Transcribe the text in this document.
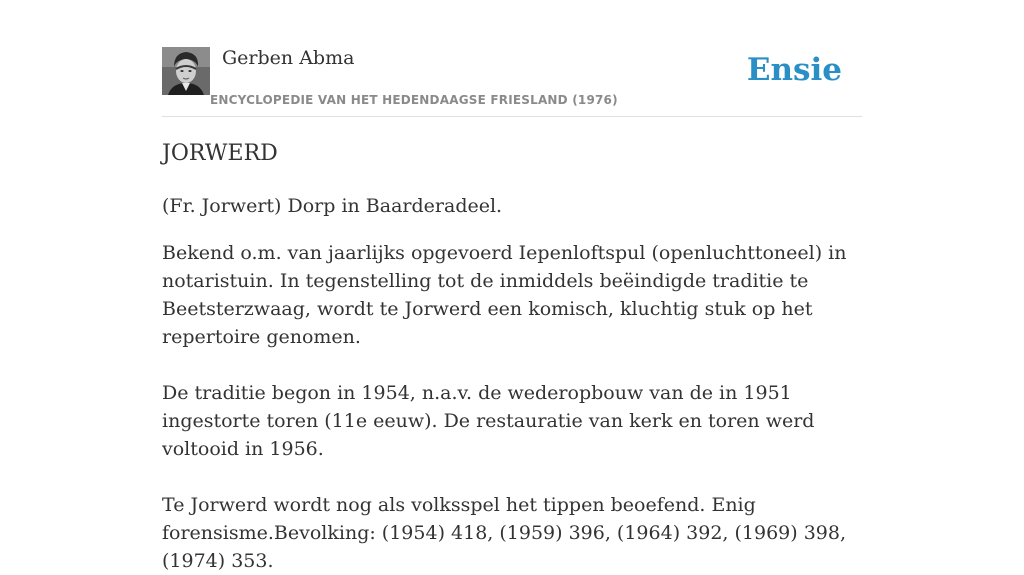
Gerben Abma
ENCYCLOPEDIE VAN HET HEDENDAAGSE FRIESLAND (1976)
Ensie
JORWERD

(Fr. Jorwert) Dorp in Baarderadeel.

Bekend o.m. van jaarlijks opgevoerd Iepenloftspul (openluchttoneel) in notaristuin. In tegenstelling tot de inmiddels beëindigde traditie te Beetsterzwaag, wordt te Jorwerd een komisch, kluchtig stuk op het repertoire genomen.

De traditie begon in 1954, n.a.v. de wederopbouw van de in 1951 ingestorte toren (11e eeuw). De restauratie van kerk en toren werd voltooid in 1956.

Te Jorwerd wordt nog als volksspel het tippen beoefend. Enig forensisme.Bevolking: (1954) 418, (1959) 396, (1964) 392, (1969) 398, (1974) 353.
